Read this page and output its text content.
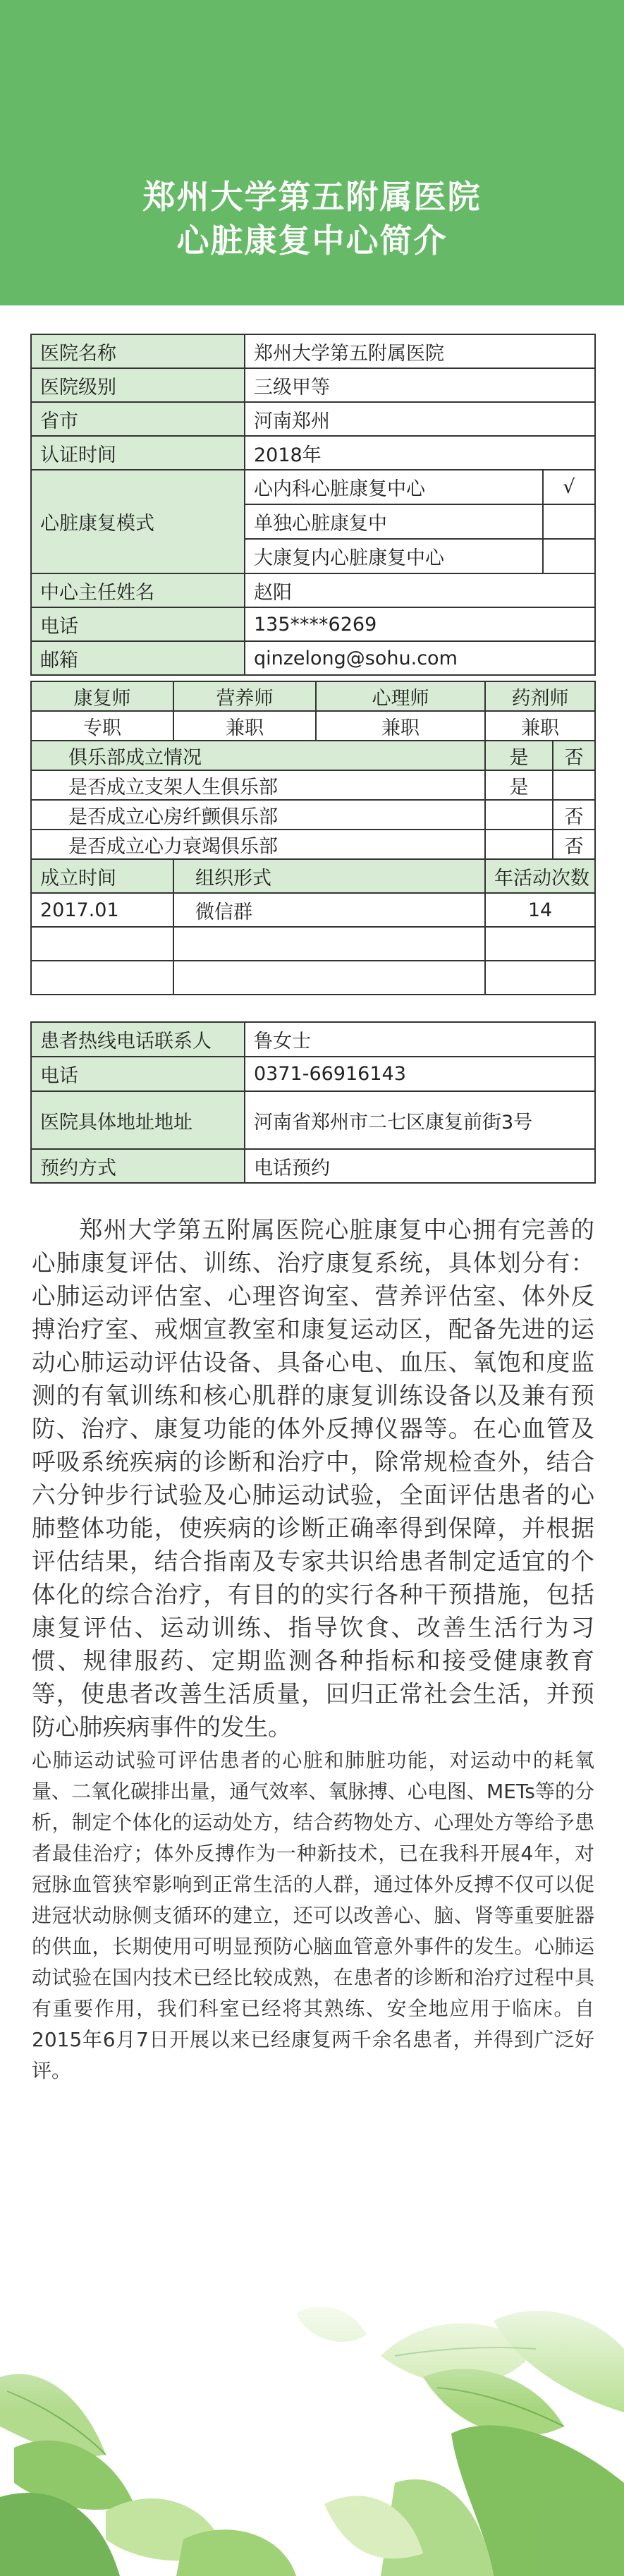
郑州大学第五附属医院
心脏康复中心简介
医院名称	郑州大学第五附属医院	
医院级别	三级甲等	
省市	河南郑州	
认证时间	2018年	
心脏康复模式	心内科心脏康复中心	√
	单独心脏康复中	
	大康复内心脏康复中心	
中心主任姓名	赵阳	
电话	135****6269	
邮箱	qinzelong@sohu.com	
康复师	营养师	心理师	药剂师	
专职	兼职	兼职	兼职	
俱乐部成立情况			是	否
是否成立支架人生俱乐部			是	
是否成立心房纤颤俱乐部				否
是否成立心力衰竭俱乐部				否
成立时间	组织形式		年活动次数	
2017.01	微信群		14	

患者热线电话联系人	鲁女士
电话	0371-66916143
医院具体地址地址	河南省郑州市二七区康复前街3号
预约方式	电话预约

郑州大学第五附属医院心脏康复中心拥有完善的心肺康复评估、训练、治疗康复系统，具体划分有：心肺运动评估室、心理咨询室、营养评估室、体外反搏治疗室、戒烟宣教室和康复运动区，配备先进的运动心肺运动评估设备、具备心电、血压、氧饱和度监测的有氧训练和核心肌群的康复训练设备以及兼有预防、治疗、康复功能的体外反搏仪器等。在心血管及呼吸系统疾病的诊断和治疗中，除常规检查外，结合六分钟步行试验及心肺运动试验，全面评估患者的心肺整体功能，使疾病的诊断正确率得到保障，并根据评估结果，结合指南及专家共识给患者制定适宜的个体化的综合治疗，有目的的实行各种干预措施，包括康复评估、运动训练、指导饮食、改善生活行为习惯、规律服药、定期监测各种指标和接受健康教育等，使患者改善生活质量，回归正常社会生活，并预防心肺疾病事件的发生。

心肺运动试验可评估患者的心脏和肺脏功能，对运动中的耗氧量、二氧化碳排出量，通气效率、氧脉搏、心电图、METs等的分析，制定个体化的运动处方，结合药物处方、心理处方等给予患者最佳治疗；体外反搏作为一种新技术，已在我科开展4年，对冠脉血管狭窄影响到正常生活的人群，通过体外反搏不仅可以促进冠状动脉侧支循环的建立，还可以改善心、脑、肾等重要脏器的供血，长期使用可明显预防心脑血管意外事件的发生。心肺运动试验在国内技术已经比较成熟，在患者的诊断和治疗过程中具有重要作用，我们科室已经将其熟练、安全地应用于临床。自2015年6月7日开展以来已经康复两千余名患者，并得到广泛好评。
